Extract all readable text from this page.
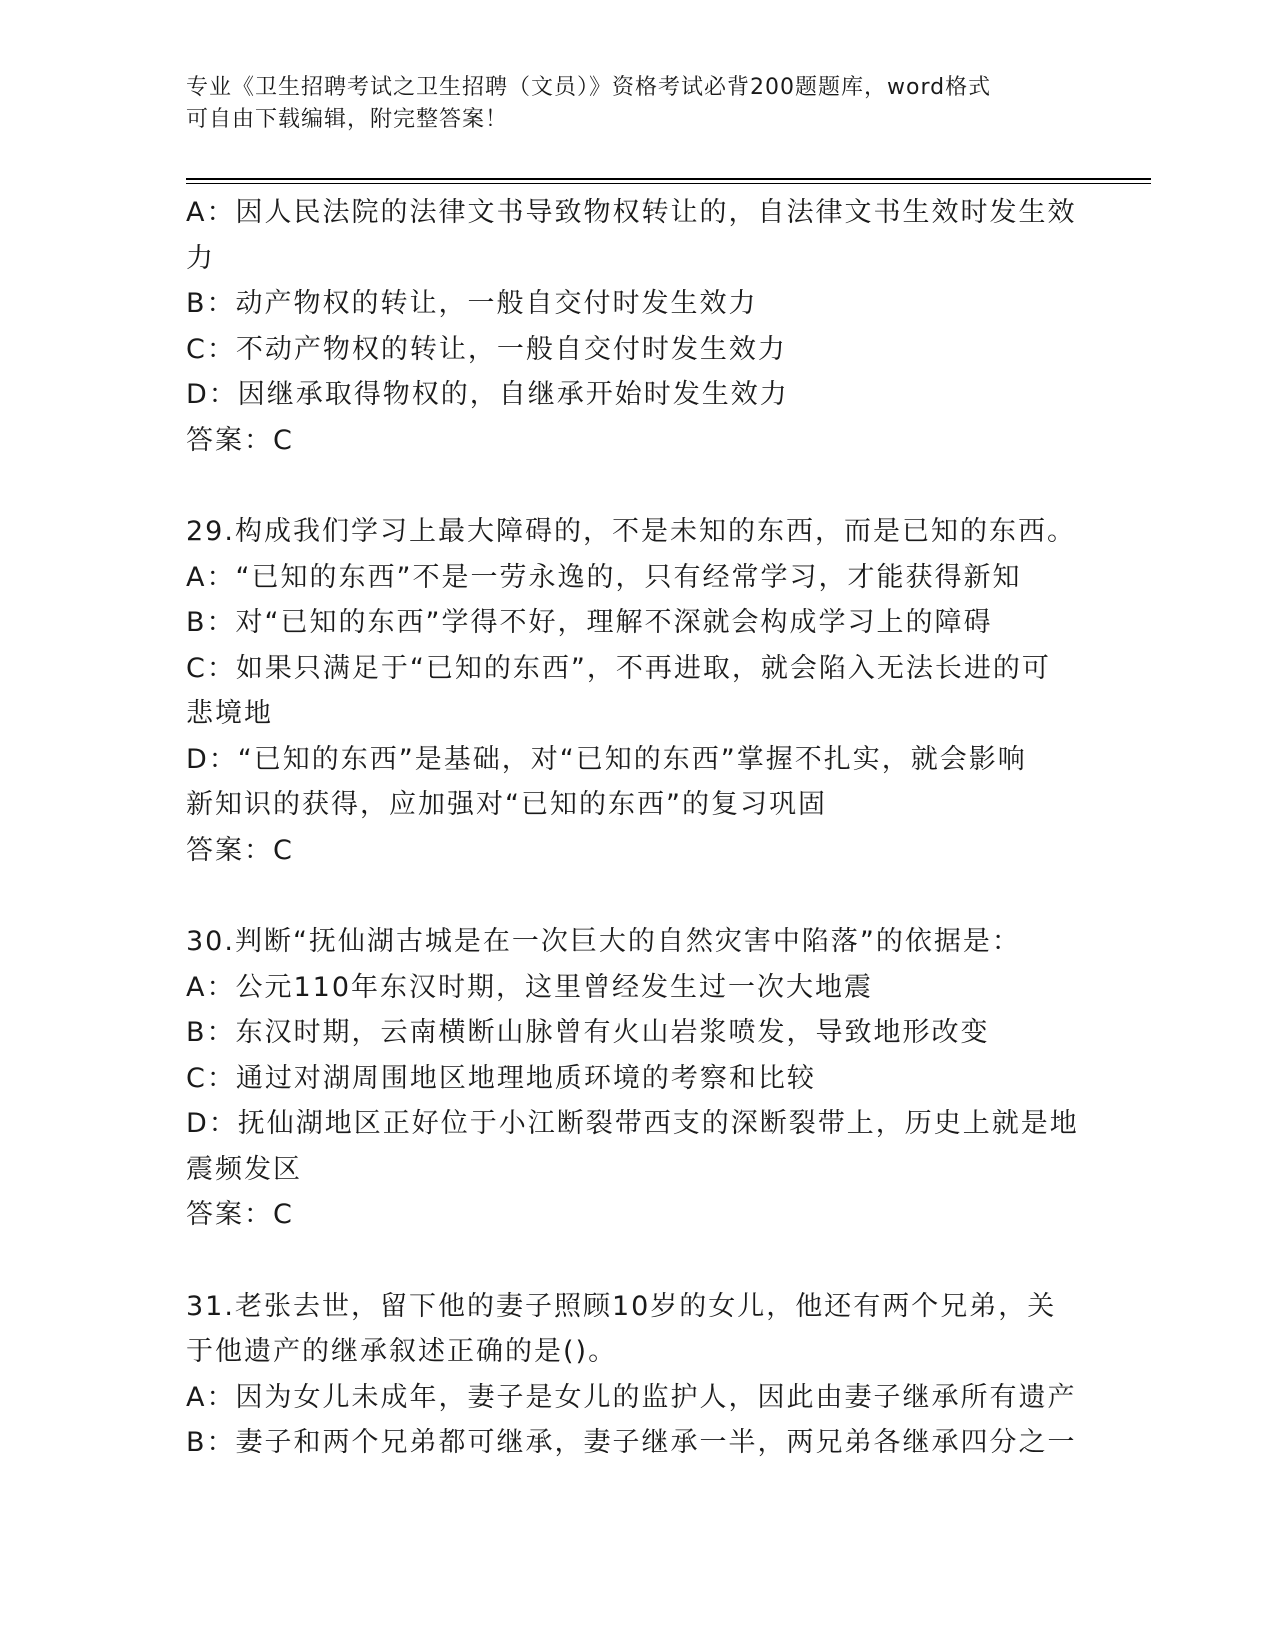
专业《卫生招聘考试之卫生招聘（文员）》资格考试必背200题题库，word格式
可自由下载编辑，附完整答案！

A：因人民法院的法律文书导致物权转让的，自法律文书生效时发生效

力

B：动产物权的转让，一般自交付时发生效力

C：不动产物权的转让，一般自交付时发生效力

D：因继承取得物权的，自继承开始时发生效力

答案：C

29.构成我们学习上最大障碍的，不是未知的东西，而是已知的东西。

A：“已知的东西”不是一劳永逸的，只有经常学习，才能获得新知

B：对“已知的东西”学得不好，理解不深就会构成学习上的障碍

C：如果只满足于“已知的东西”，不再进取，就会陷入无法长进的可

悲境地

D：“已知的东西”是基础，对“已知的东西”掌握不扎实，就会影响

新知识的获得，应加强对“已知的东西”的复习巩固

答案：C

30.判断“抚仙湖古城是在一次巨大的自然灾害中陷落”的依据是：

A：公元110年东汉时期，这里曾经发生过一次大地震

B：东汉时期，云南横断山脉曾有火山岩浆喷发，导致地形改变

C：通过对湖周围地区地理地质环境的考察和比较

D：抚仙湖地区正好位于小江断裂带西支的深断裂带上，历史上就是地

震频发区

答案：C

31.老张去世，留下他的妻子照顾10岁的女儿，他还有两个兄弟，关

于他遗产的继承叙述正确的是()。

A：因为女儿未成年，妻子是女儿的监护人，因此由妻子继承所有遗产

B：妻子和两个兄弟都可继承，妻子继承一半，两兄弟各继承四分之一
